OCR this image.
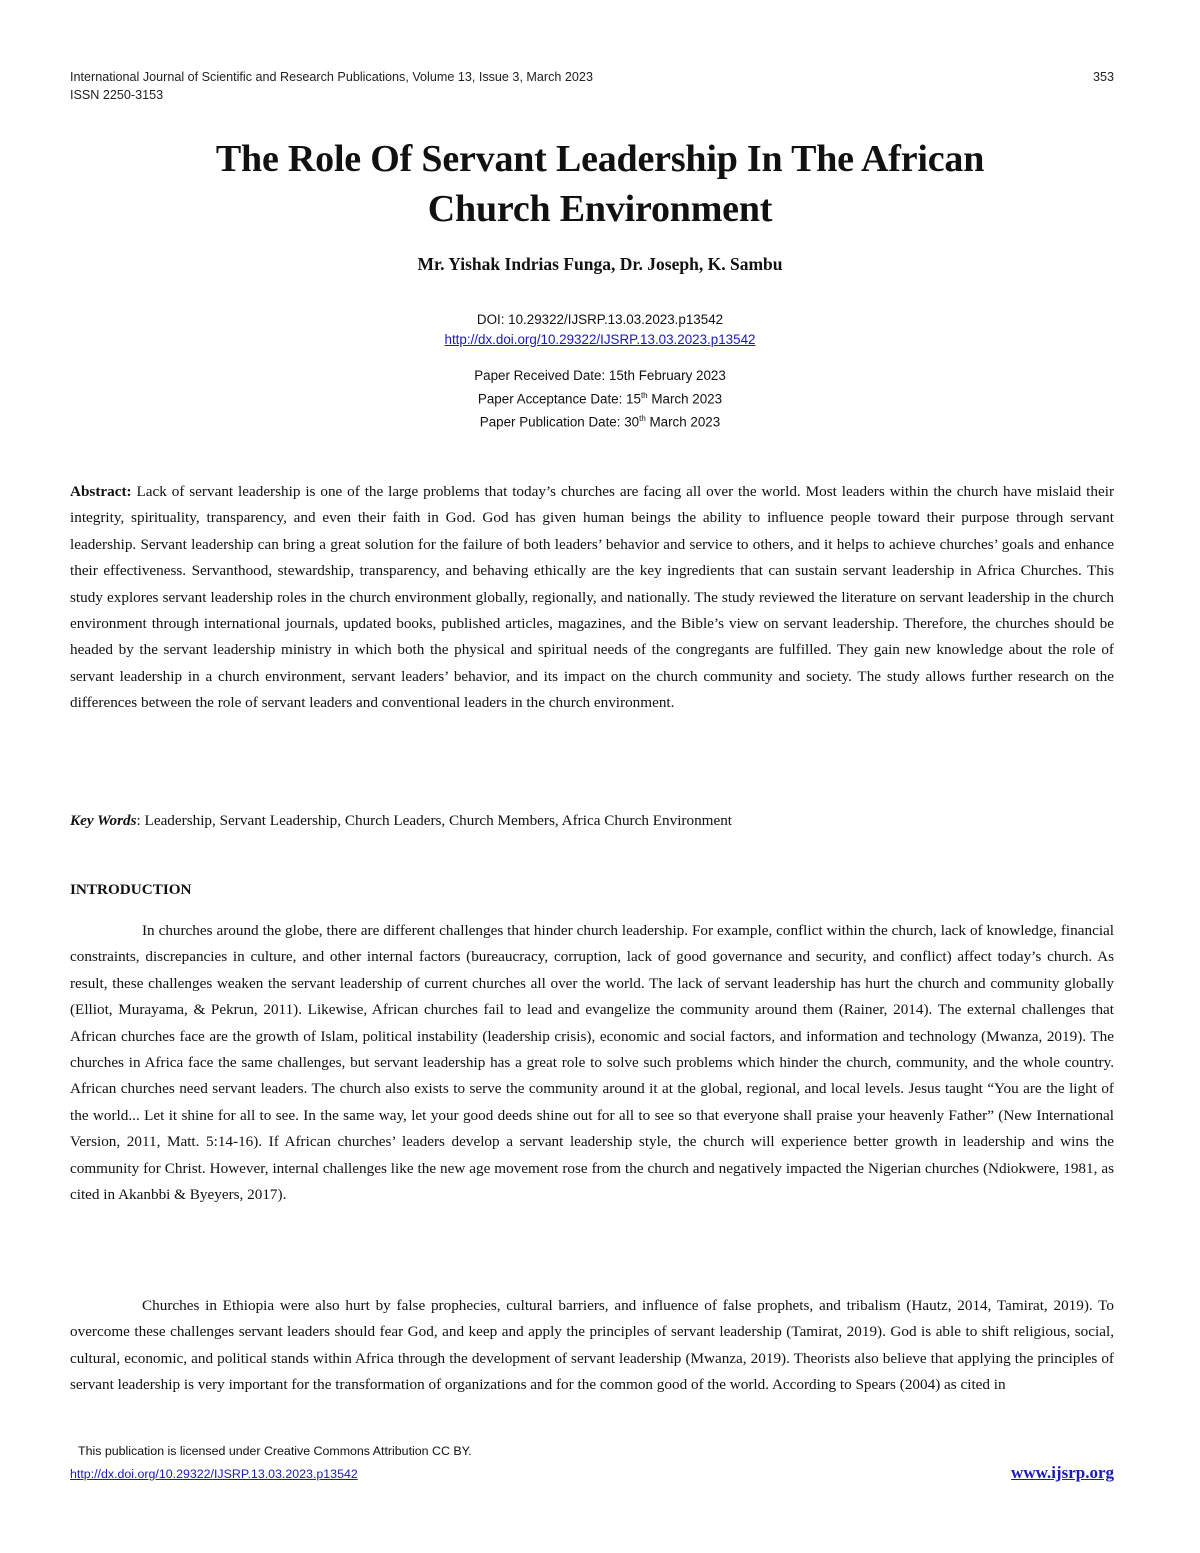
International Journal of Scientific and Research Publications, Volume 13, Issue 3, March 2023
ISSN 2250-3153
353
The Role Of Servant Leadership In The African
Church Environment
Mr. Yishak Indrias Funga, Dr. Joseph, K. Sambu
DOI: 10.29322/IJSRP.13.03.2023.p13542
http://dx.doi.org/10.29322/IJSRP.13.03.2023.p13542
Paper Received Date: 15th February 2023
Paper Acceptance Date: 15th March 2023
Paper Publication Date: 30th March 2023
Abstract: Lack of servant leadership is one of the large problems that today’s churches are facing all over the world. Most leaders within the church have mislaid their integrity, spirituality, transparency, and even their faith in God. God has given human beings the ability to influence people toward their purpose through servant leadership. Servant leadership can bring a great solution for the failure of both leaders’ behavior and service to others, and it helps to achieve churches’ goals and enhance their effectiveness. Servanthood, stewardship, transparency, and behaving ethically are the key ingredients that can sustain servant leadership in Africa Churches. This study explores servant leadership roles in the church environment globally, regionally, and nationally. The study reviewed the literature on servant leadership in the church environment through international journals, updated books, published articles, magazines, and the Bible’s view on servant leadership. Therefore, the churches should be headed by the servant leadership ministry in which both the physical and spiritual needs of the congregants are fulfilled. They gain new knowledge about the role of servant leadership in a church environment, servant leaders’ behavior, and its impact on the church community and society. The study allows further research on the differences between the role of servant leaders and conventional leaders in the church environment.
Key Words: Leadership, Servant Leadership, Church Leaders, Church Members, Africa Church Environment
INTRODUCTION

In churches around the globe, there are different challenges that hinder church leadership. For example, conflict within the church, lack of knowledge, financial constraints, discrepancies in culture, and other internal factors (bureaucracy, corruption, lack of good governance and security, and conflict) affect today’s church. As result, these challenges weaken the servant leadership of current churches all over the world. The lack of servant leadership has hurt the church and community globally (Elliot, Murayama, & Pekrun, 2011). Likewise, African churches fail to lead and evangelize the community around them (Rainer, 2014). The external challenges that African churches face are the growth of Islam, political instability (leadership crisis), economic and social factors, and information and technology (Mwanza, 2019). The churches in Africa face the same challenges, but servant leadership has a great role to solve such problems which hinder the church, community, and the whole country. African churches need servant leaders. The church also exists to serve the community around it at the global, regional, and local levels. Jesus taught “You are the light of the world... Let it shine for all to see. In the same way, let your good deeds shine out for all to see so that everyone shall praise your heavenly Father” (New International Version, 2011, Matt. 5:14-16). If African churches’ leaders develop a servant leadership style, the church will experience better growth in leadership and wins the community for Christ. However, internal challenges like the new age movement rose from the church and negatively impacted the Nigerian churches (Ndiokwere, 1981, as cited in Akanbbi & Byeyers, 2017).

Churches in Ethiopia were also hurt by false prophecies, cultural barriers, and influence of false prophets, and tribalism (Hautz, 2014, Tamirat, 2019). To overcome these challenges servant leaders should fear God, and keep and apply the principles of servant leadership (Tamirat, 2019). God is able to shift religious, social, cultural, economic, and political stands within Africa through the development of servant leadership (Mwanza, 2019). Theorists also believe that applying the principles of servant leadership is very important for the transformation of organizations and for the common good of the world. According to Spears (2004) as cited in

This publication is licensed under Creative Commons Attribution CC BY.
http://dx.doi.org/10.29322/IJSRP.13.03.2023.p13542	www.ijsrp.org
